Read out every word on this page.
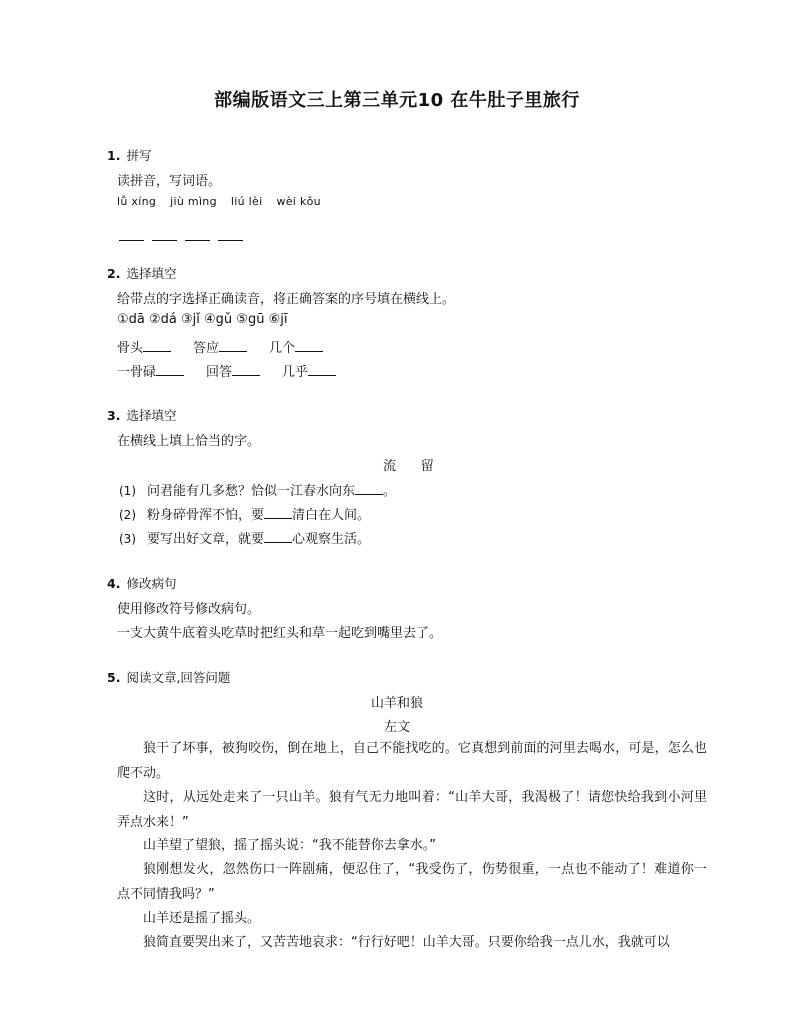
部编版语文三上第三单元10 在牛肚子里旅行
1. 拼写
读拼音，写词语。
lǚ xíng jiù mìng liú lèi wèi kǒu
2. 选择填空
给带点的字选择正确读音，将正确答案的序号填在横线上。
①dā ②dá ③jǐ ④gǔ ⑤gū ⑥jī
骨头	答应	几个
一骨碌	回答	几乎
3. 选择填空
在横线上填上恰当的字。
流      留
(1) 问君能有几多愁？恰似一江春水向东 。
(2) 粉身碎骨浑不怕，要 清白在人间。
(3) 要写出好文章，就要 心观察生活。
4. 修改病句
使用修改符号修改病句。
一支大黄牛底着头吃草时把红头和草一起吃到嘴里去了。
5. 阅读文章,回答问题
山羊和狼
左文
狼干了坏事，被狗咬伤，倒在地上，自己不能找吃的。它真想到前面的河里去喝水，可是，怎么也爬不动。
这时，从远处走来了一只山羊。狼有气无力地叫着：“山羊大哥，我渴极了！请您快给我到小河里弄点水来！”
山羊望了望狼，摇了摇头说：“我不能替你去拿水。”
狼刚想发火，忽然伤口一阵剧痛，便忍住了，“我受伤了，伤势很重，一点也不能动了！难道你一点不同情我吗？”
山羊还是摇了摇头。
狼简直要哭出来了，又苦苦地哀求：“行行好吧！山羊大哥。只要你给我一点儿水，我就可以
